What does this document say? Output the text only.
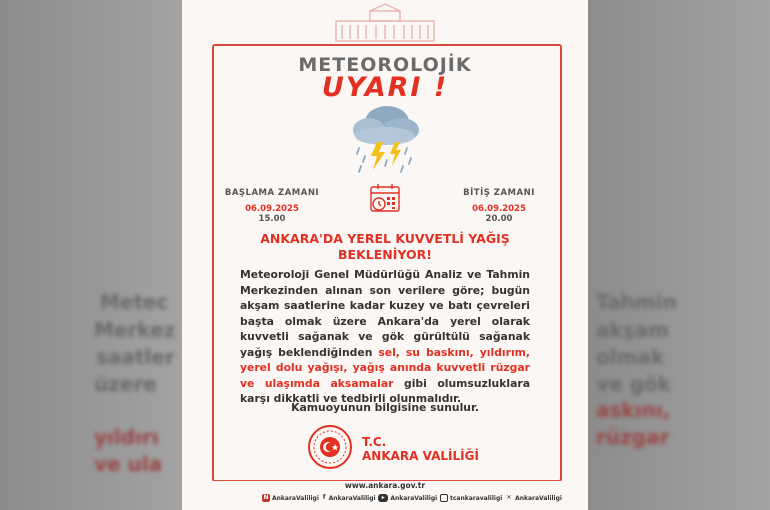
Metec
Merkez
saatler
üzere
yıldırı
ve ula
Tahmin
akşam
olmak
ve gök
askını,
rüzgar
METEOROLOJİK
UYARI !
BAŞLAMA ZAMANI
06.09.2025
15.00
BİTİŞ ZAMANI
06.09.2025
20.00
ANKARA'DA YEREL KUVVETLİ YAĞIŞ
BEKLENİYOR!
Meteoroloji Genel Müdürlüğü Analiz ve Tahmin Merkezinden alınan son verilere göre; bugün akşam saatlerine kadar kuzey ve batı çevreleri başta olmak üzere Ankara'da yerel olarak kuvvetli sağanak ve gök gürültülü sağanak yağış beklendiğinden sel, su baskını, yıldırım, yerel dolu yağışı, yağış anında kuvvetli rüzgar ve ulaşımda aksamalar gibi olumsuzluklara karşı dikkatli ve tedbirli olunmalıdır.
Kamuoyunun bilgisine sunulur.
T.C.
ANKARA VALİLİĞİ
www.ankara.gov.tr
N AnkaraValiligi f AnkaraValiligi	▸ AnkaraValiligi tcankaravaliligi ✕ AnkaraValiligi
